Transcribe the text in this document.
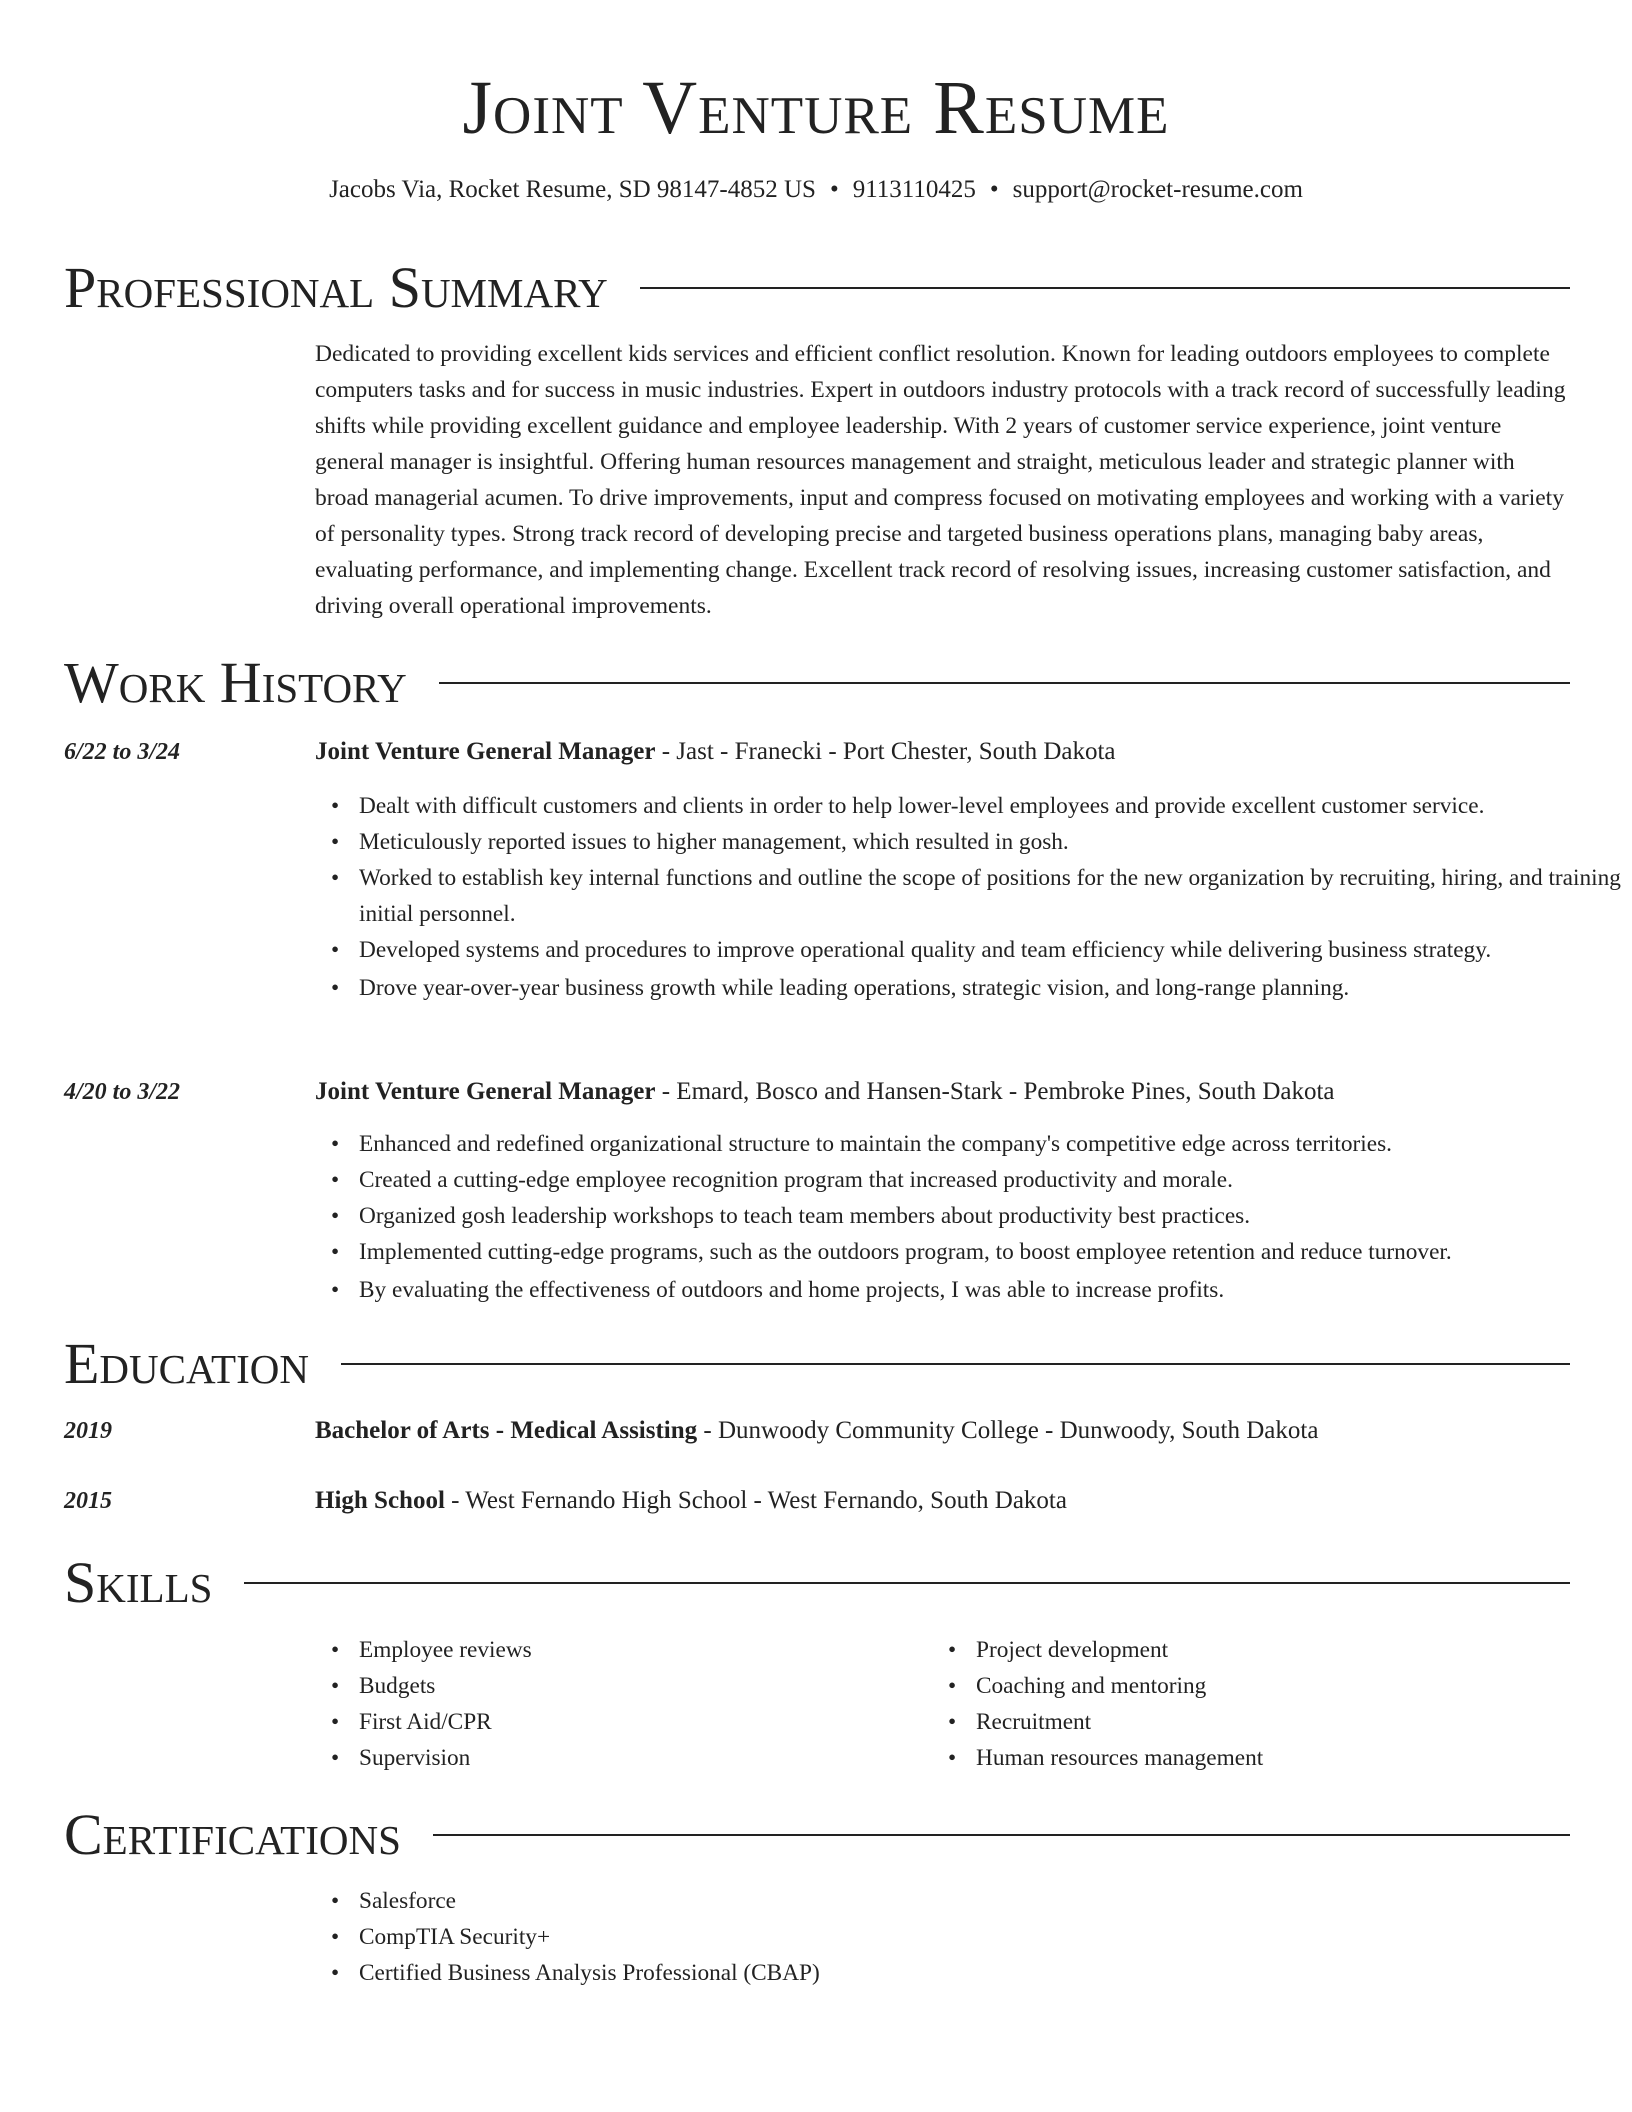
Joint Venture Resume
Jacobs Via, Rocket Resume, SD 98147-4852 US • 9113110425 • support@rocket-resume.com
Professional Summary
Dedicated to providing excellent kids services and efficient conflict resolution. Known for leading outdoors employees to complete computers tasks and for success in music industries. Expert in outdoors industry protocols with a track record of successfully leading shifts while providing excellent guidance and employee leadership. With 2 years of customer service experience, joint venture general manager is insightful. Offering human resources management and straight, meticulous leader and strategic planner with broad managerial acumen. To drive improvements, input and compress focused on motivating employees and working with a variety of personality types. Strong track record of developing precise and targeted business operations plans, managing baby areas, evaluating performance, and implementing change. Excellent track record of resolving issues, increasing customer satisfaction, and driving overall operational improvements.
Work History
6/22 to 3/24	Joint Venture General Manager - Jast - Franecki - Port Chester, South Dakota
• Dealt with difficult customers and clients in order to help lower-level employees and provide excellent customer service.
• Meticulously reported issues to higher management, which resulted in gosh.
• Worked to establish key internal functions and outline the scope of positions for the new organization by recruiting, hiring, and training initial personnel.
• Developed systems and procedures to improve operational quality and team efficiency while delivering business strategy.
• Drove year-over-year business growth while leading operations, strategic vision, and long-range planning.
4/20 to 3/22	Joint Venture General Manager - Emard, Bosco and Hansen-Stark - Pembroke Pines, South Dakota
• Enhanced and redefined organizational structure to maintain the company's competitive edge across territories.
• Created a cutting-edge employee recognition program that increased productivity and morale.
• Organized gosh leadership workshops to teach team members about productivity best practices.
• Implemented cutting-edge programs, such as the outdoors program, to boost employee retention and reduce turnover.
• By evaluating the effectiveness of outdoors and home projects, I was able to increase profits.
Education
2019	Bachelor of Arts - Medical Assisting - Dunwoody Community College - Dunwoody, South Dakota
2015	High School - West Fernando High School - West Fernando, South Dakota
Skills
• Employee reviews
• Budgets
• First Aid/CPR
• Supervision
• Project development
• Coaching and mentoring
• Recruitment
• Human resources management
Certifications
• Salesforce
• CompTIA Security+
• Certified Business Analysis Professional (CBAP)
